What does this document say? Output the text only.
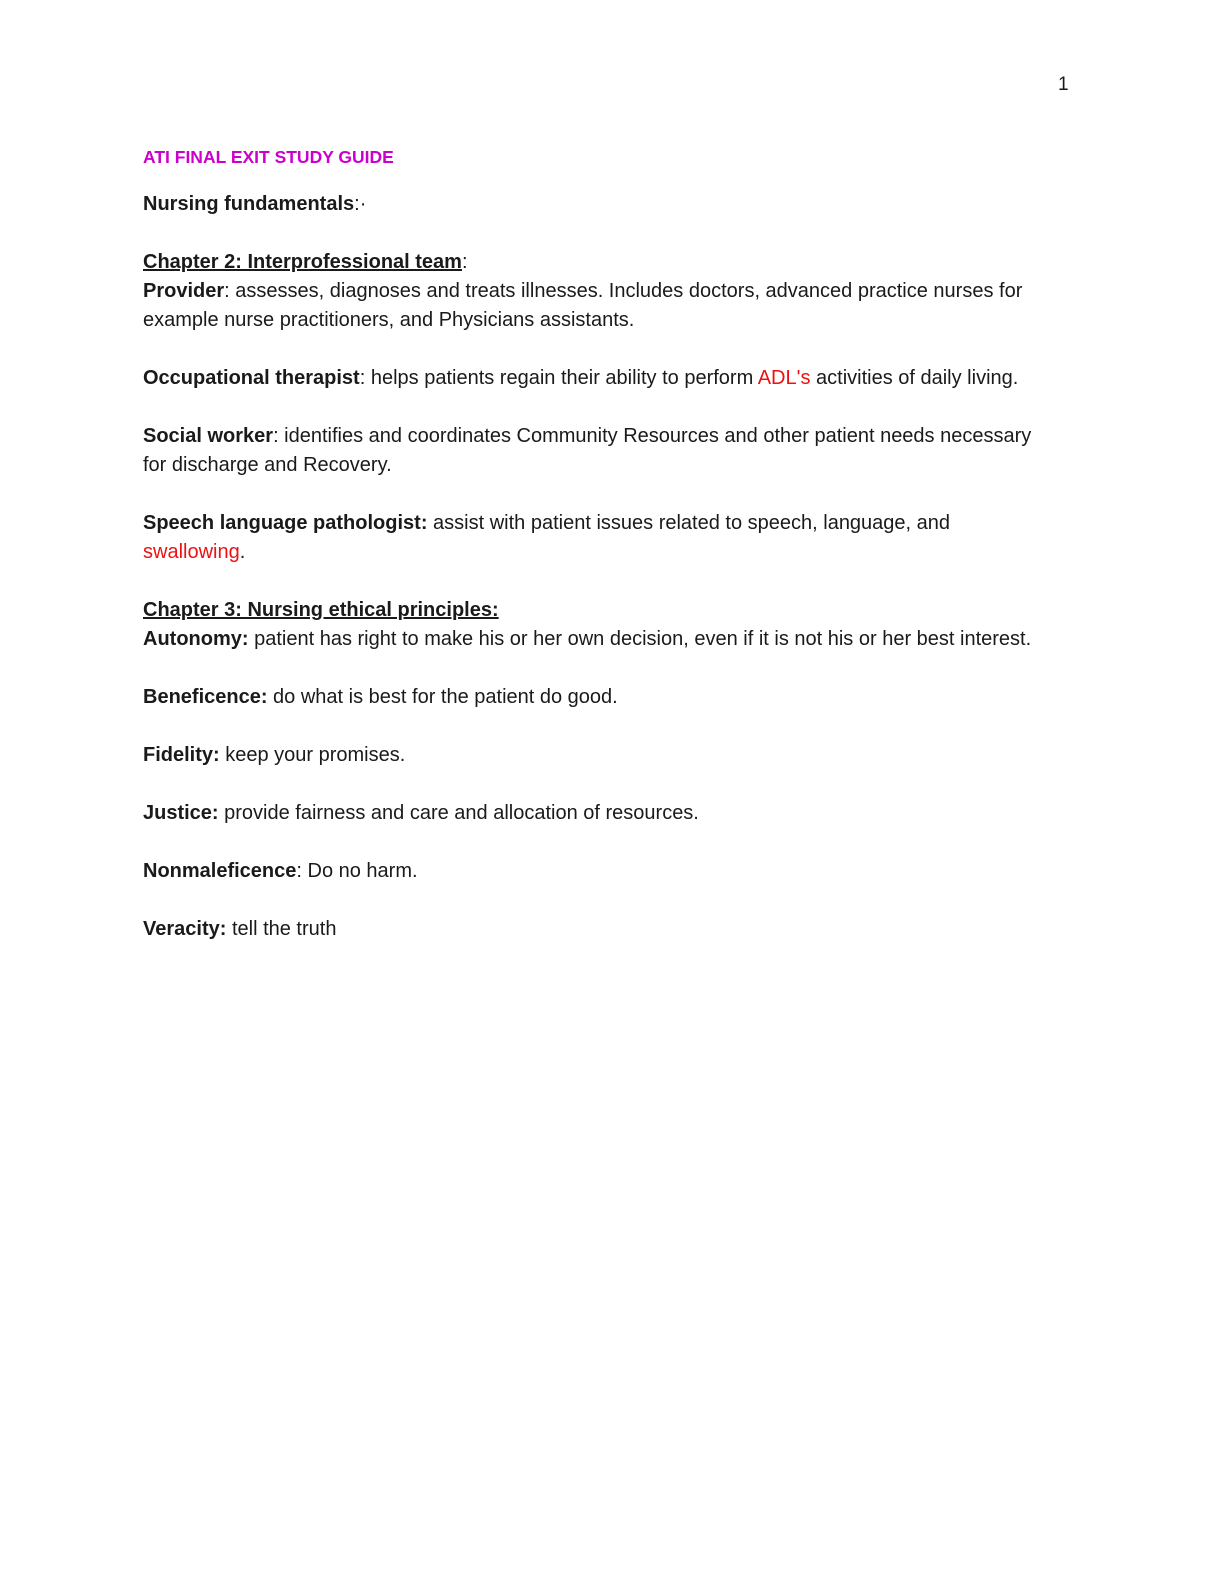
1
ATI FINAL EXIT STUDY GUIDE
Nursing fundamentals:·
Chapter 2: Interprofessional team:
Provider: assesses, diagnoses and treats illnesses. Includes doctors, advanced practice nurses for example nurse practitioners, and Physicians assistants.
Occupational therapist: helps patients regain their ability to perform ADL's activities of daily living.
Social worker: identifies and coordinates Community Resources and other patient needs necessary for discharge and Recovery.
Speech language pathologist: assist with patient issues related to speech, language, and swallowing.
Chapter 3: Nursing ethical principles:
Autonomy: patient has right to make his or her own decision, even if it is not his or her best interest.
Beneficence: do what is best for the patient do good.
Fidelity: keep your promises.
Justice: provide fairness and care and allocation of resources.
Nonmaleficence: Do no harm.
Veracity: tell the truth
